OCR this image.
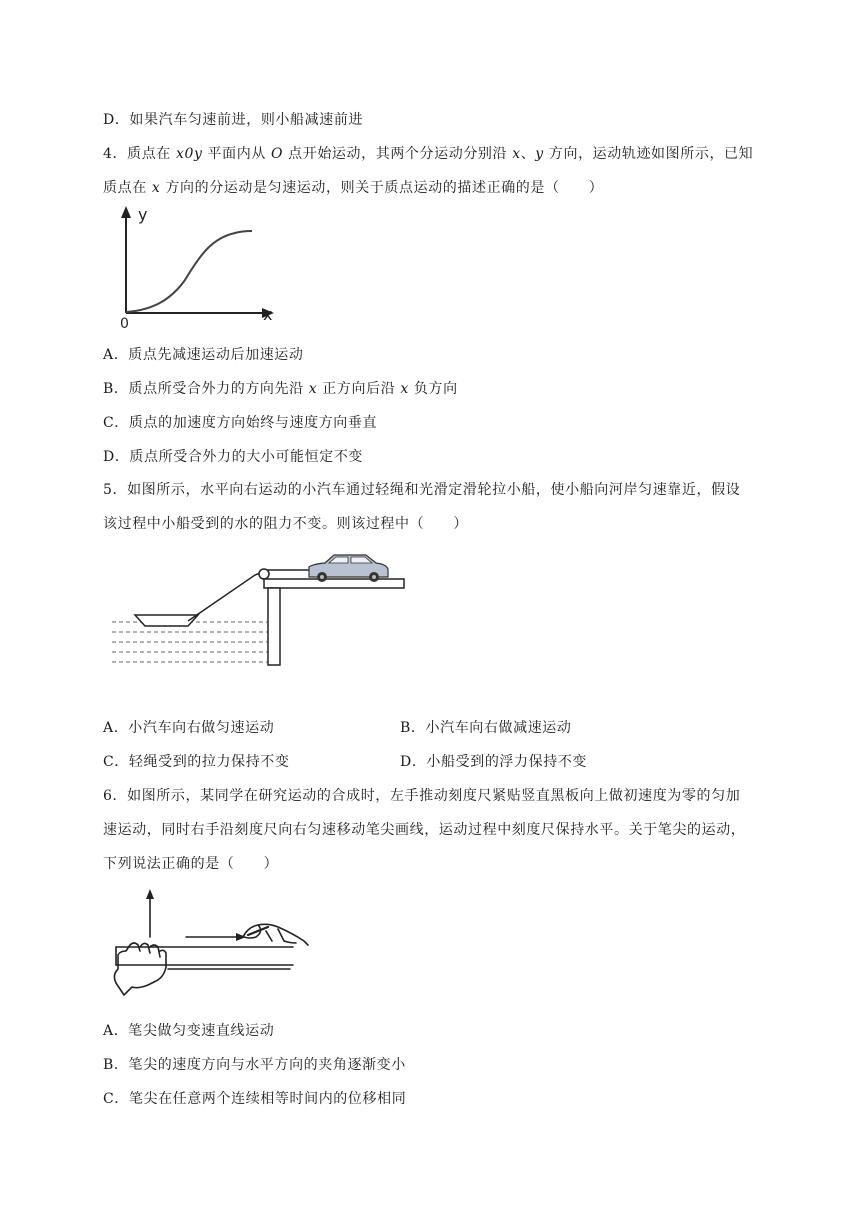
D．如果汽车匀速前进，则小船减速前进
4．质点在 x0y 平面内从 O 点开始运动，其两个分运动分别沿 x、y 方向，运动轨迹如图所示，已知
质点在 x 方向的分运动是匀速运动，则关于质点运动的描述正确的是（　　）
y
x
0
A．质点先减速运动后加速运动
B．质点所受合外力的方向先沿 x 正方向后沿 x 负方向
C．质点的加速度方向始终与速度方向垂直
D．质点所受合外力的大小可能恒定不变
5．如图所示，水平向右运动的小汽车通过轻绳和光滑定滑轮拉小船，使小船向河岸匀速靠近，假设
该过程中小船受到的水的阻力不变。则该过程中（　　）
A．小汽车向右做匀速运动	B．小汽车向右做减速运动
C．轻绳受到的拉力保持不变	D．小船受到的浮力保持不变
6．如图所示，某同学在研究运动的合成时，左手推动刻度尺紧贴竖直黑板向上做初速度为零的匀加
速运动，同时右手沿刻度尺向右匀速移动笔尖画线，运动过程中刻度尺保持水平。关于笔尖的运动，
下列说法正确的是（　　）
A．笔尖做匀变速直线运动
B．笔尖的速度方向与水平方向的夹角逐渐变小
C．笔尖在任意两个连续相等时间内的位移相同
